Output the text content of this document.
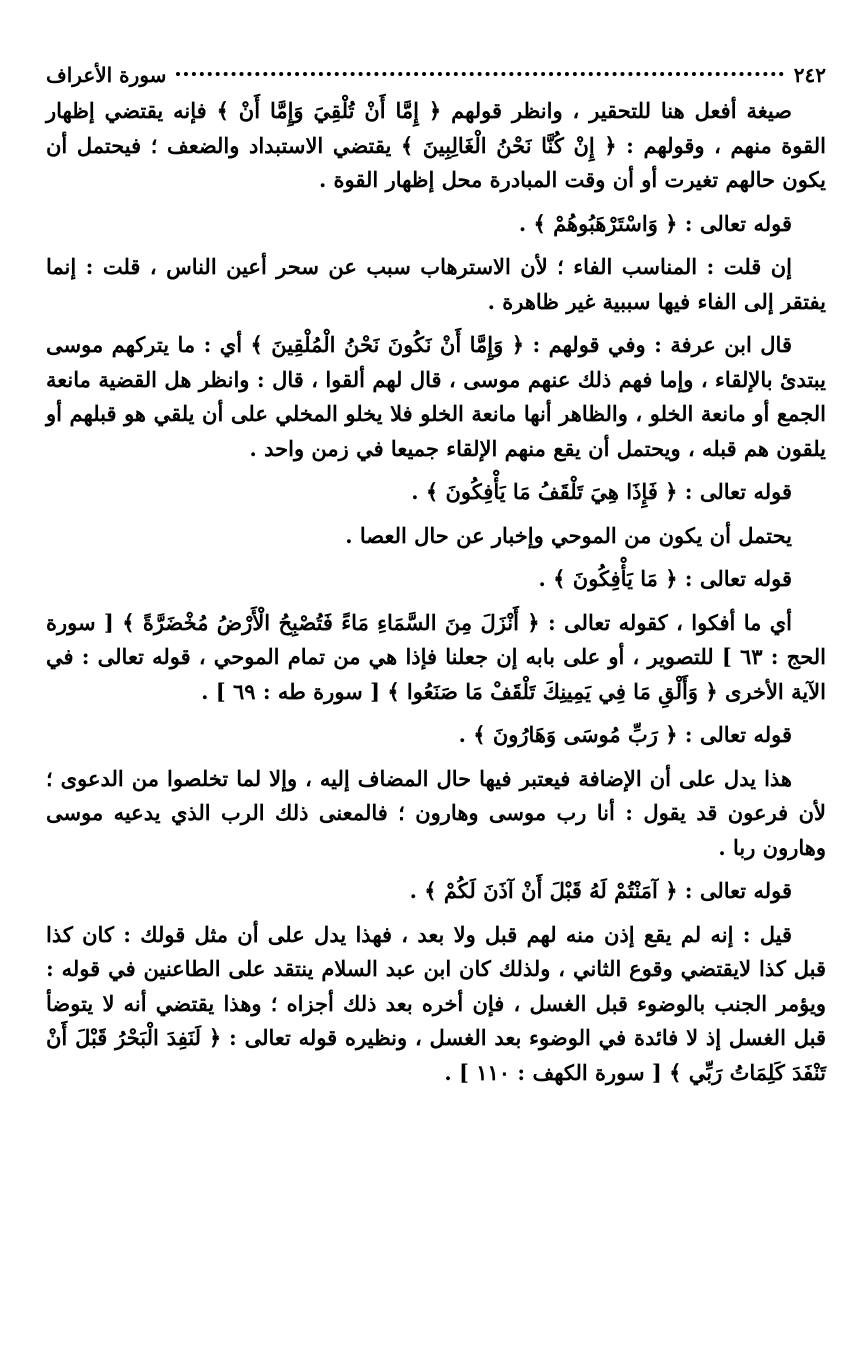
٢٤٢
سورة الأعراف

صيغة أفعل هنا للتحقير ، وانظر قولهم ﴿ إِمَّا أَنْ تُلْقِيَ وَإِمَّا أَنْ ﴾ فإنه يقتضي إظهار القوة منهم ، وقولهم : ﴿ إِنْ كُنَّا نَحْنُ الْغَالِبِينَ ﴾ يقتضي الاستبداد والضعف ؛ فيحتمل أن يكون حالهم تغيرت أو أن وقت المبادرة محل إظهار القوة .

قوله تعالى : ﴿ وَاسْتَرْهَبُوهُمْ ﴾ .

إن قلت : المناسب الفاء ؛ لأن الاسترهاب سبب عن سحر أعين الناس ، قلت : إنما يفتقر إلى الفاء فيها سببية غير ظاهرة .

قال ابن عرفة : وفي قولهم : ﴿ وَإِمَّا أَنْ نَكُونَ نَحْنُ الْمُلْقِينَ ﴾ أي : ما يتركهم موسى يبتدئ بالإلقاء ، وإما فهم ذلك عنهم موسى ، قال لهم ألقوا ، قال : وانظر هل القضية مانعة الجمع أو مانعة الخلو ، والظاهر أنها مانعة الخلو فلا يخلو المخلي على أن يلقي هو قبلهم أو يلقون هم قبله ، ويحتمل أن يقع منهم الإلقاء جميعا في زمن واحد .

قوله تعالى : ﴿ فَإِذَا هِيَ تَلْقَفُ مَا يَأْفِكُونَ ﴾ .

يحتمل أن يكون من الموحي وإخبار عن حال العصا .

قوله تعالى : ﴿ مَا يَأْفِكُونَ ﴾ .

أي ما أفكوا ، كقوله تعالى : ﴿ أَنْزَلَ مِنَ السَّمَاءِ مَاءً فَتُصْبِحُ الْأَرْضُ مُخْضَرَّةً ﴾ [ سورة الحج : ٦٣ ] للتصوير ، أو على بابه إن جعلنا فإذا هي من تمام الموحي ، قوله تعالى : في الآية الأخرى ﴿ وَأَلْقِ مَا فِي يَمِينِكَ تَلْقَفْ مَا صَنَعُوا ﴾ [ سورة طه : ٦٩ ] .

قوله تعالى : ﴿ رَبِّ مُوسَى وَهَارُونَ ﴾ .

هذا يدل على أن الإضافة فيعتبر فيها حال المضاف إليه ، وإلا لما تخلصوا من الدعوى ؛ لأن فرعون قد يقول : أنا رب موسى وهارون ؛ فالمعنى ذلك الرب الذي يدعيه موسى وهارون ربا .

قوله تعالى : ﴿ آمَنْتُمْ لَهُ قَبْلَ أَنْ آذَنَ لَكُمْ ﴾ .

قيل : إنه لم يقع إذن منه لهم قبل ولا بعد ، فهذا يدل على أن مثل قولك : كان كذا قبل كذا لايقتضي وقوع الثاني ، ولذلك كان ابن عبد السلام ينتقد على الطاعنين في قوله : ويؤمر الجنب بالوضوء قبل الغسل ، فإن أخره بعد ذلك أجزاه ؛ وهذا يقتضي أنه لا يتوضأ قبل الغسل إذ لا فائدة في الوضوء بعد الغسل ، ونظيره قوله تعالى : ﴿ لَنَفِدَ الْبَحْرُ قَبْلَ أَنْ تَنْفَدَ كَلِمَاتُ رَبِّي ﴾ [ سورة الكهف : ١١٠ ] .
